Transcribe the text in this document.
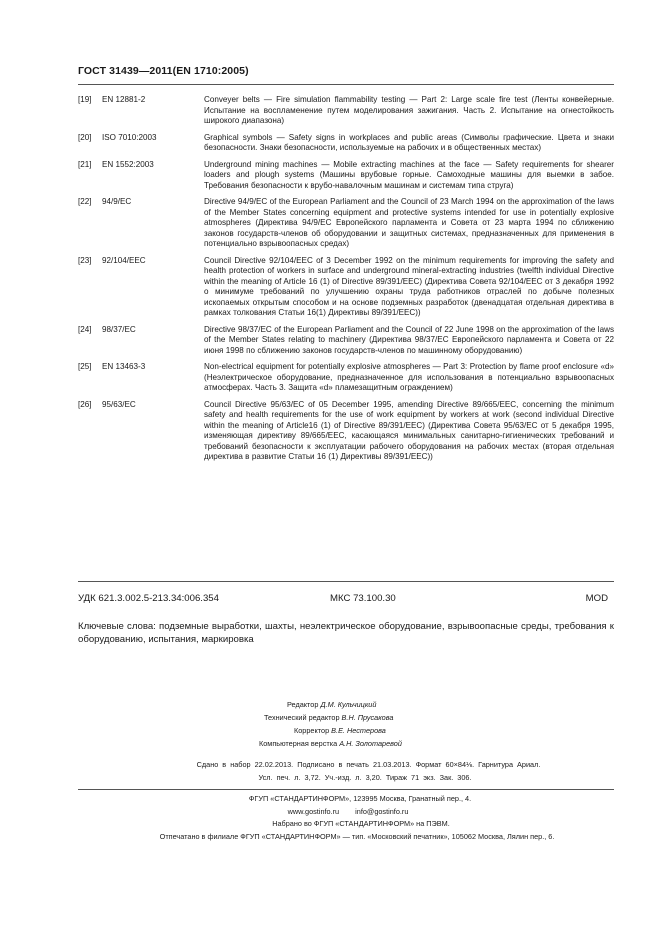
ГОСТ 31439—2011(EN 1710:2005)
[19]	EN 12881-2	Conveyer belts — Fire simulation flammability testing — Part 2: Large scale fire test (Ленты конвейерные. Испытание на воспламенение путем моделирования зажигания. Часть 2. Испытание на огнестойкость широкого диапазона)
[20]	ISO 7010:2003	Graphical symbols — Safety signs in workplaces and public areas (Символы графические. Цвета и знаки безопасности. Знаки безопасности, используемые на рабочих и в общественных местах)
[21]	EN 1552:2003	Underground mining machines — Mobile extracting machines at the face — Safety requirements for shearer loaders and plough systems (Машины врубовые горные. Самоходные машины для выемки в забое. Требования безопасности к врубо-навалочным машинам и системам типа струга)
[22]	94/9/EC	Directive 94/9/EC of the European Parliament and the Council of 23 March 1994 on the approximation of the laws of the Member States concerning equipment and protective systems intended for use in potentially explosive atmospheres (Директива 94/9/ЕС Европейского парламента и Совета от 23 марта 1994 по сближению законов государств-членов об оборудовании и защитных системах, предназначенных для применения в потенциально взрывоопасных средах)
[23]	92/104/EEC	Council Directive 92/104/EEC of 3 December 1992 on the minimum requirements for improving the safety and health protection of workers in surface and underground mineral-extracting industries (twelfth individual Directive within the meaning of Article 16 (1) of Directive 89/391/EEC) (Директива Совета 92/104/EEC от 3 декабря 1992 о минимуме требований по улучшению охраны труда работников отраслей по добыче полезных ископаемых открытым способом и на основе подземных разработок (двенадцатая отдельная директива в рамках толкования Статьи 16(1) Директивы 89/391/ЕЕС))
[24]	98/37/EC	Directive 98/37/EC of the European Parliament and the Council of 22 June 1998 on the approximation of the laws of the Member States relating to machinery (Директива 98/37/ЕС Европейского парламента и Совета от 22 июня 1998 по сближению законов государств-членов по машинному оборудованию)
[25]	EN 13463-3	Non-electrical equipment for potentially explosive atmospheres — Part 3: Protection by flame proof enclosure «d» (Неэлектрическое оборудование, предназначенное для использования в потенциально взрывоопасных атмосферах. Часть 3. Защита «d» пламезащитным ограждением)
[26]	95/63/EC	Council Directive 95/63/EC of 05 December 1995, amending Directive 89/665/EEC, concerning the minimum safety and health requirements for the use of work equipment by workers at work (second individual Directive within the meaning of Article16 (1) of Directive 89/391/EEC) (Директива Совета 95/63/ЕС от 5 декабря 1995, изменяющая директиву 89/665/ЕЕС, касающаяся минимальных санитарно-гигиенических требований и требований безопасности к эксплуатации рабочего оборудования на рабочих местах (вторая отдельная директива в развитие Статьи 16 (1) Директивы 89/391/ЕЕС))
УДК 621.3.002.5-213.34:006.354	МКС 73.100.30	MOD
Ключевые слова: подземные выработки, шахты, неэлектрическое оборудование, взрывоопасные среды, требования к оборудованию, испытания, маркировка
Редактор Д.М. Кульчицкий
Технический редактор В.Н. Прусакова
Корректор В.Е. Нестерова
Компьютерная верстка А.Н. Золотаревой
Сдано в набор 22.02.2013. Подписано в печать 21.03.2013. Формат 60×84⅛. Гарнитура Ариал.
Усл. печ. л. 3,72. Уч.-изд. л. 3,20. Тираж 71 экз. Зак. 306.
ФГУП «СТАНДАРТИНФОРМ», 123995 Москва, Гранатный пер., 4.
www.gostinfo.ru info@gostinfo.ru
Набрано во ФГУП «СТАНДАРТИНФОРМ» на ПЭВМ.
Отпечатано в филиале ФГУП «СТАНДАРТИНФОРМ» — тип. «Московский печатник», 105062 Москва, Лялин пер., 6.
